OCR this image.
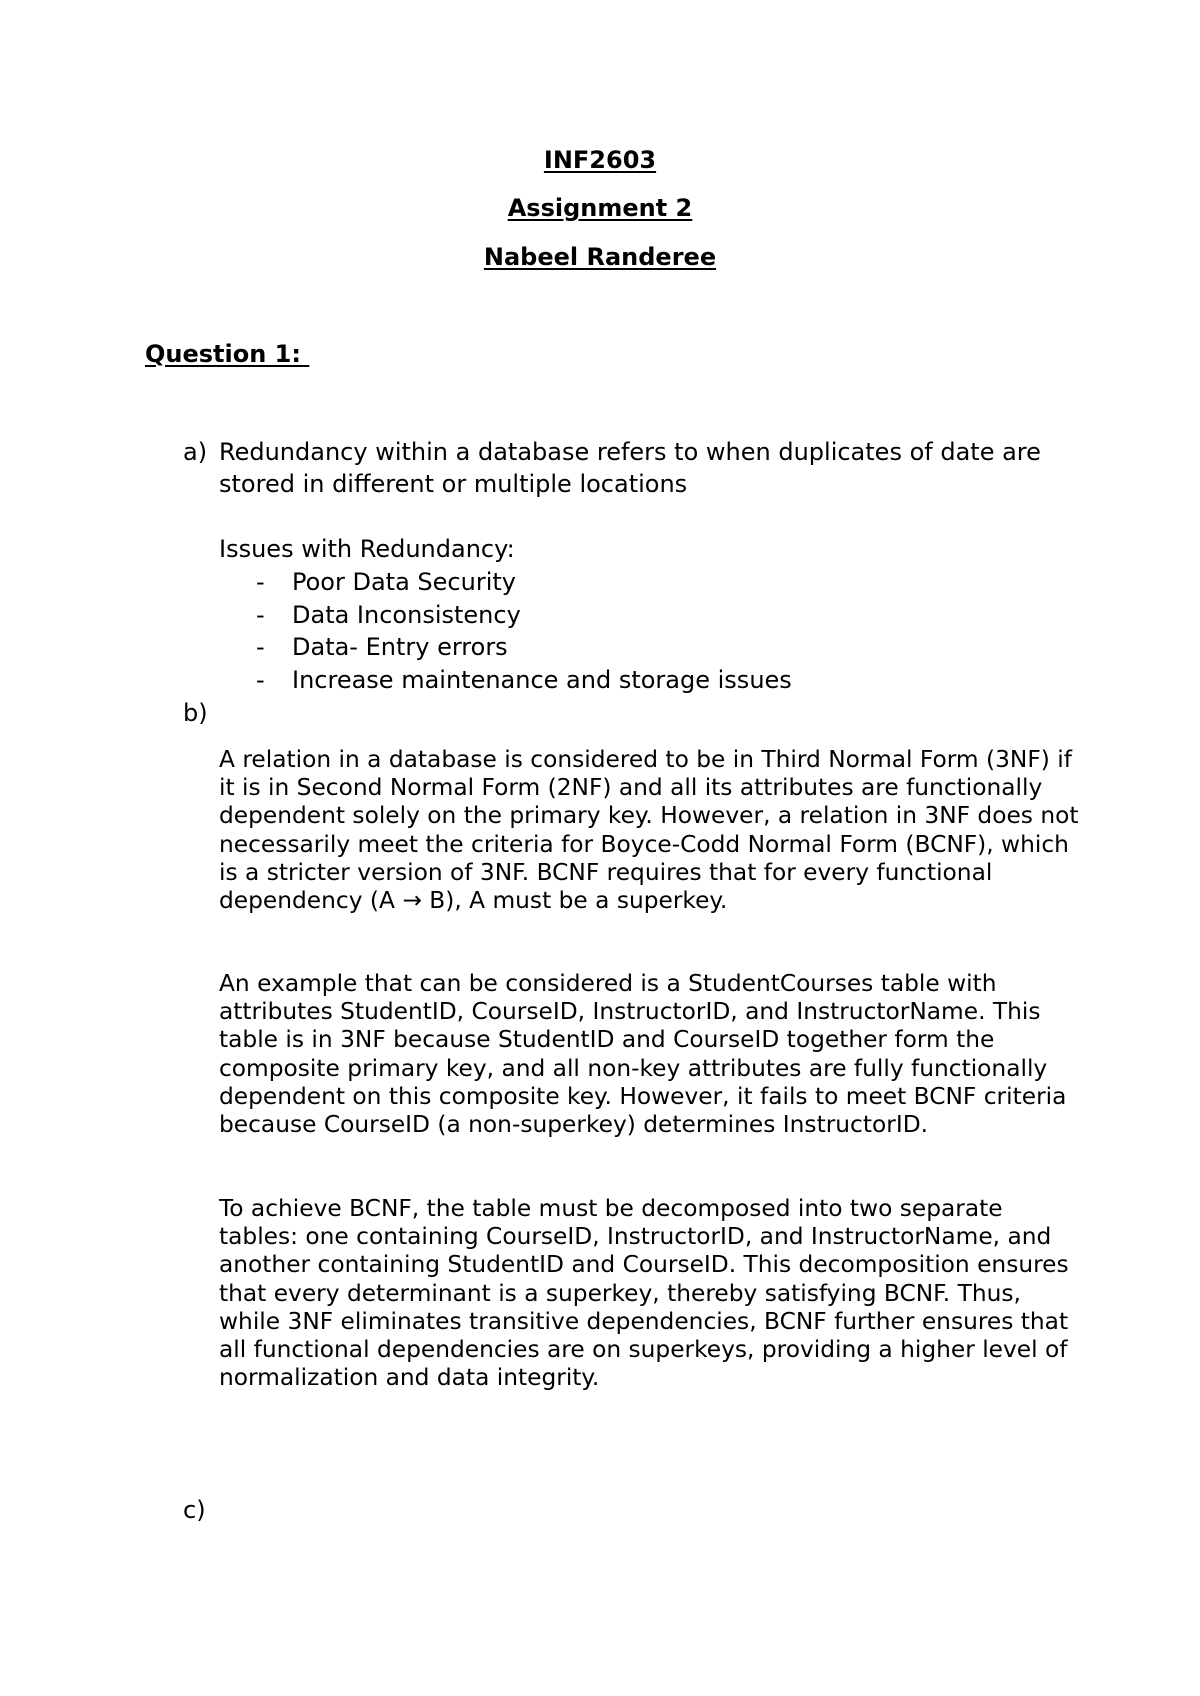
INF2603
Assignment 2
Nabeel Randeree
Question 1:
a) Redundancy within a database refers to when duplicates of date are
stored in different or multiple locations
Issues with Redundancy:
- Poor Data Security
- Data Inconsistency
- Data- Entry errors
- Increase maintenance and storage issues
b)

A relation in a database is considered to be in Third Normal Form (3NF) if it is in Second Normal Form (2NF) and all its attributes are functionally dependent solely on the primary key. However, a relation in 3NF does not necessarily meet the criteria for Boyce-Codd Normal Form (BCNF), which is a stricter version of 3NF. BCNF requires that for every functional dependency (A → B), A must be a superkey.

An example that can be considered is a StudentCourses table with attributes StudentID, CourseID, InstructorID, and InstructorName. This table is in 3NF because StudentID and CourseID together form the composite primary key, and all non-key attributes are fully functionally dependent on this composite key. However, it fails to meet BCNF criteria because CourseID (a non-superkey) determines InstructorID.

To achieve BCNF, the table must be decomposed into two separate tables: one containing CourseID, InstructorID, and InstructorName, and another containing StudentID and CourseID. This decomposition ensures that every determinant is a superkey, thereby satisfying BCNF. Thus, while 3NF eliminates transitive dependencies, BCNF further ensures that all functional dependencies are on superkeys, providing a higher level of normalization and data integrity.

c)
